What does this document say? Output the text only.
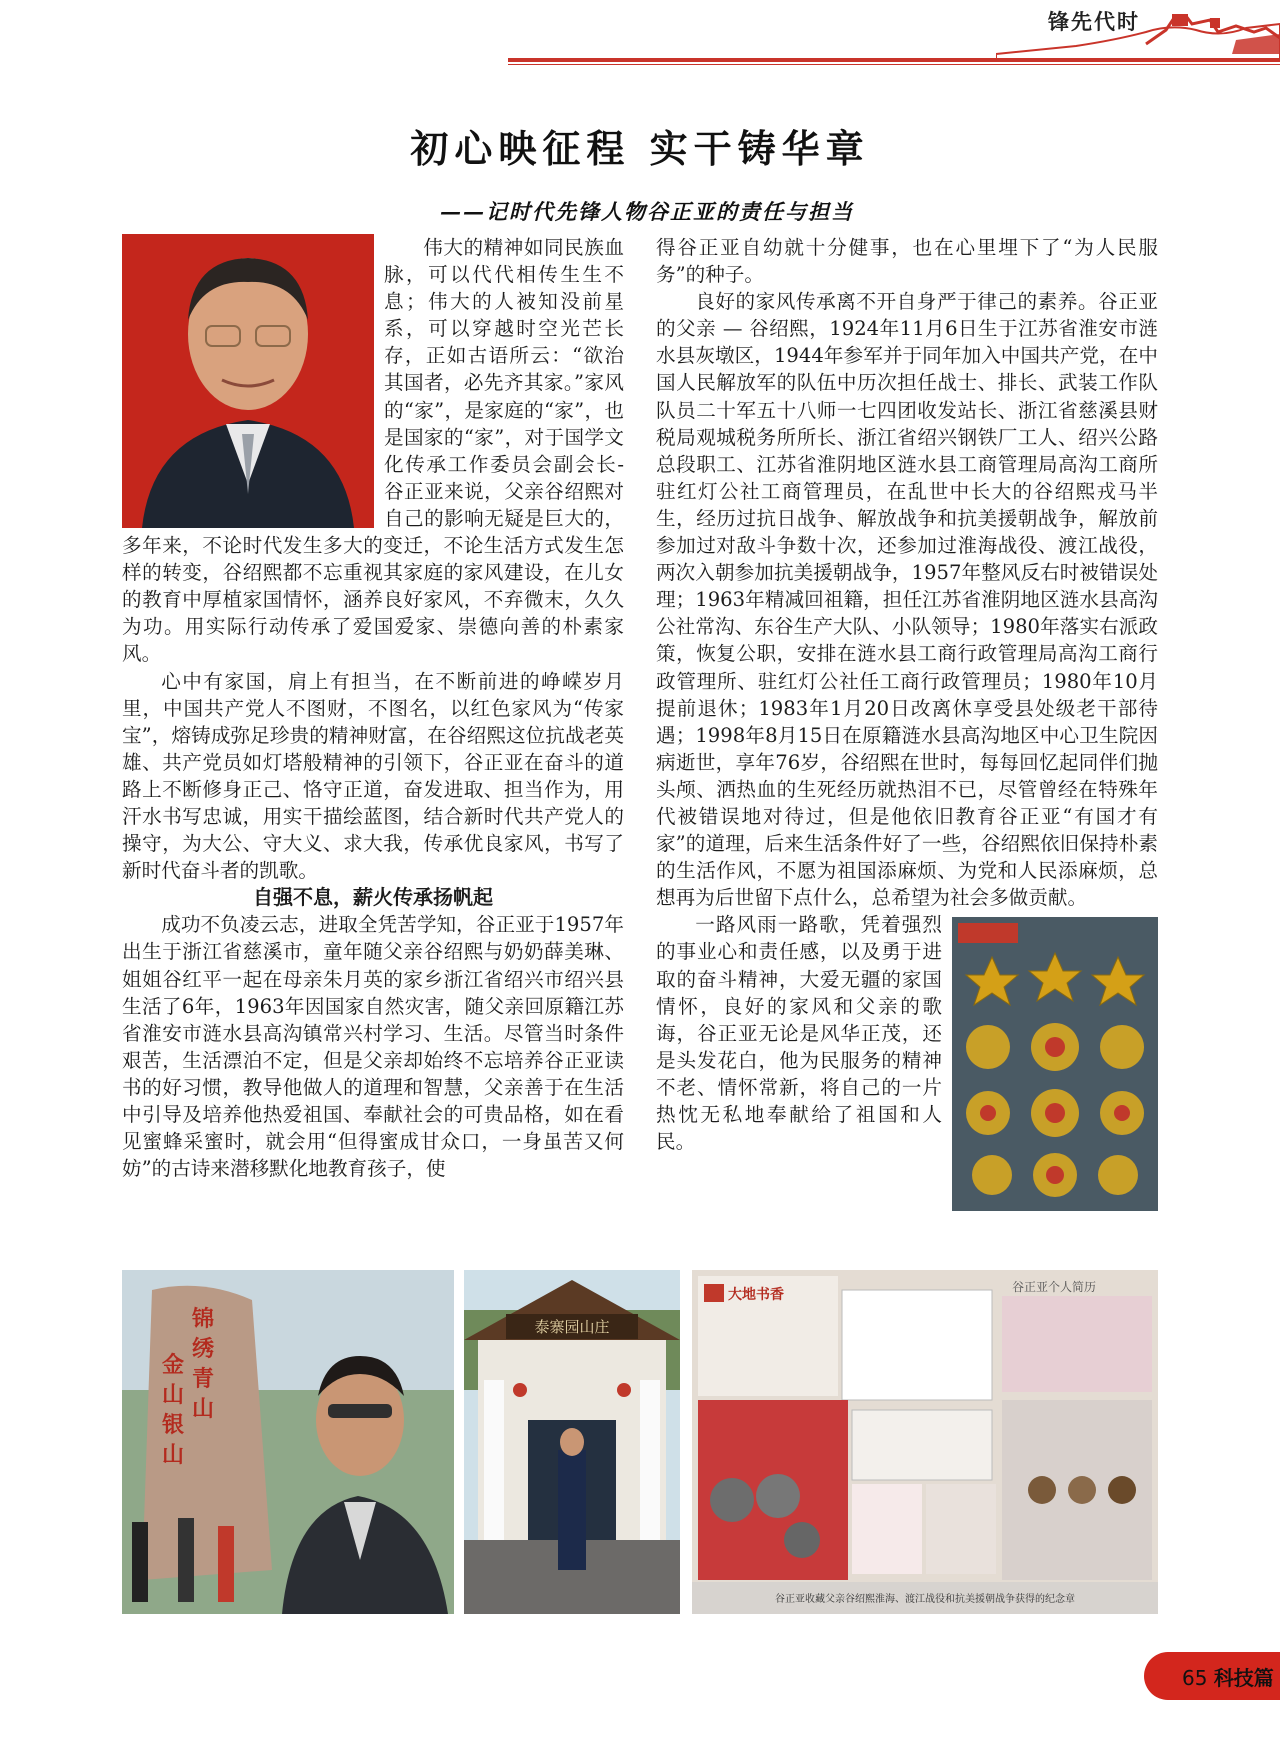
锋先代时
初心映征程 实干铸华章
——记时代先锋人物谷正亚的责任与担当

伟大的精神如同民族血脉，可以代代相传生生不息；伟大的人被知没前星系，可以穿越时空光芒长存，正如古语所云：“欲治其国者，必先齐其家。”家风的“家”，是家庭的“家”，也是国家的“家”，对于国学文化传承工作委员会副会长-谷正亚来说，父亲谷绍熙对自己的影响无疑是巨大的，多年来，不论时代发生多大的变迁，不论生活方式发生怎样的转变，谷绍熙都不忘重视其家庭的家风建设，在儿女的教育中厚植家国情怀，涵养良好家风，不弃微末，久久为功。用实际行动传承了爱国爱家、崇德向善的朴素家风。

心中有家国，肩上有担当，在不断前进的峥嵘岁月里，中国共产党人不图财，不图名，以红色家风为“传家宝”，熔铸成弥足珍贵的精神财富，在谷绍熙这位抗战老英雄、共产党员如灯塔般精神的引领下，谷正亚在奋斗的道路上不断修身正己、恪守正道，奋发进取、担当作为，用汗水书写忠诚，用实干描绘蓝图，结合新时代共产党人的操守，为大公、守大义、求大我，传承优良家风，书写了新时代奋斗者的凯歌。

自强不息，薪火传承扬帆起

成功不负凌云志，进取全凭苦学知，谷正亚于1957年出生于浙江省慈溪市，童年随父亲谷绍熙与奶奶薛美琳、姐姐谷红平一起在母亲朱月英的家乡浙江省绍兴市绍兴县生活了6年，1963年因国家自然灾害，随父亲回原籍江苏省淮安市涟水县高沟镇常兴村学习、生活。尽管当时条件艰苦，生活漂泊不定，但是父亲却始终不忘培养谷正亚读书的好习惯，教导他做人的道理和智慧，父亲善于在生活中引导及培养他热爱祖国、奉献社会的可贵品格，如在看见蜜蜂采蜜时，就会用“但得蜜成甘众口，一身虽苦又何妨”的古诗来潜移默化地教育孩子，使

得谷正亚自幼就十分健事，也在心里埋下了“为人民服务”的种子。

良好的家风传承离不开自身严于律己的素养。谷正亚的父亲 — 谷绍熙，1924年11月6日生于江苏省淮安市涟水县灰墩区，1944年参军并于同年加入中国共产党，在中国人民解放军的队伍中历次担任战士、排长、武装工作队队员二十军五十八师一七四团收发站长、浙江省慈溪县财税局观城税务所所长、浙江省绍兴钢铁厂工人、绍兴公路总段职工、江苏省淮阴地区涟水县工商管理局高沟工商所驻红灯公社工商管理员，在乱世中长大的谷绍熙戎马半生，经历过抗日战争、解放战争和抗美援朝战争，解放前参加过对敌斗争数十次，还参加过淮海战役、渡江战役，两次入朝参加抗美援朝战争，1957年整风反右时被错误处理；1963年精减回祖籍，担任江苏省淮阴地区涟水县高沟公社常沟、东谷生产大队、小队领导；1980年落实右派政策，恢复公职，安排在涟水县工商行政管理局高沟工商行政管理所、驻红灯公社任工商行政管理员；1980年10月提前退休；1983年1月20日改离休享受县处级老干部待遇；1998年8月15日在原籍涟水县高沟地区中心卫生院因病逝世，享年76岁，谷绍熙在世时，每每回忆起同伴们抛头颅、洒热血的生死经历就热泪不已，尽管曾经在特殊年代被错误地对待过，但是他依旧教育谷正亚“有国才有家”的道理，后来生活条件好了一些，谷绍熙依旧保持朴素的生活作风，不愿为祖国添麻烦、为党和人民添麻烦，总想再为后世留下点什么，总希望为社会多做贡献。

一路风雨一路歌，凭着强烈的事业心和责任感，以及勇于进取的奋斗精神，大爱无疆的家国情怀，良好的家风和父亲的歌诲，谷正亚无论是风华正茂，还是头发花白，他为民服务的精神不老、情怀常新，将自己的一片热忱无私地奉献给了祖国和人民。

锦绣青山
金山银山
泰寨园山庄
大地书香	谷正亚个人简历
谷正亚收藏父亲谷绍熙淮海、渡江战役和抗美援朝战争获得的纪念章
65 科技篇
